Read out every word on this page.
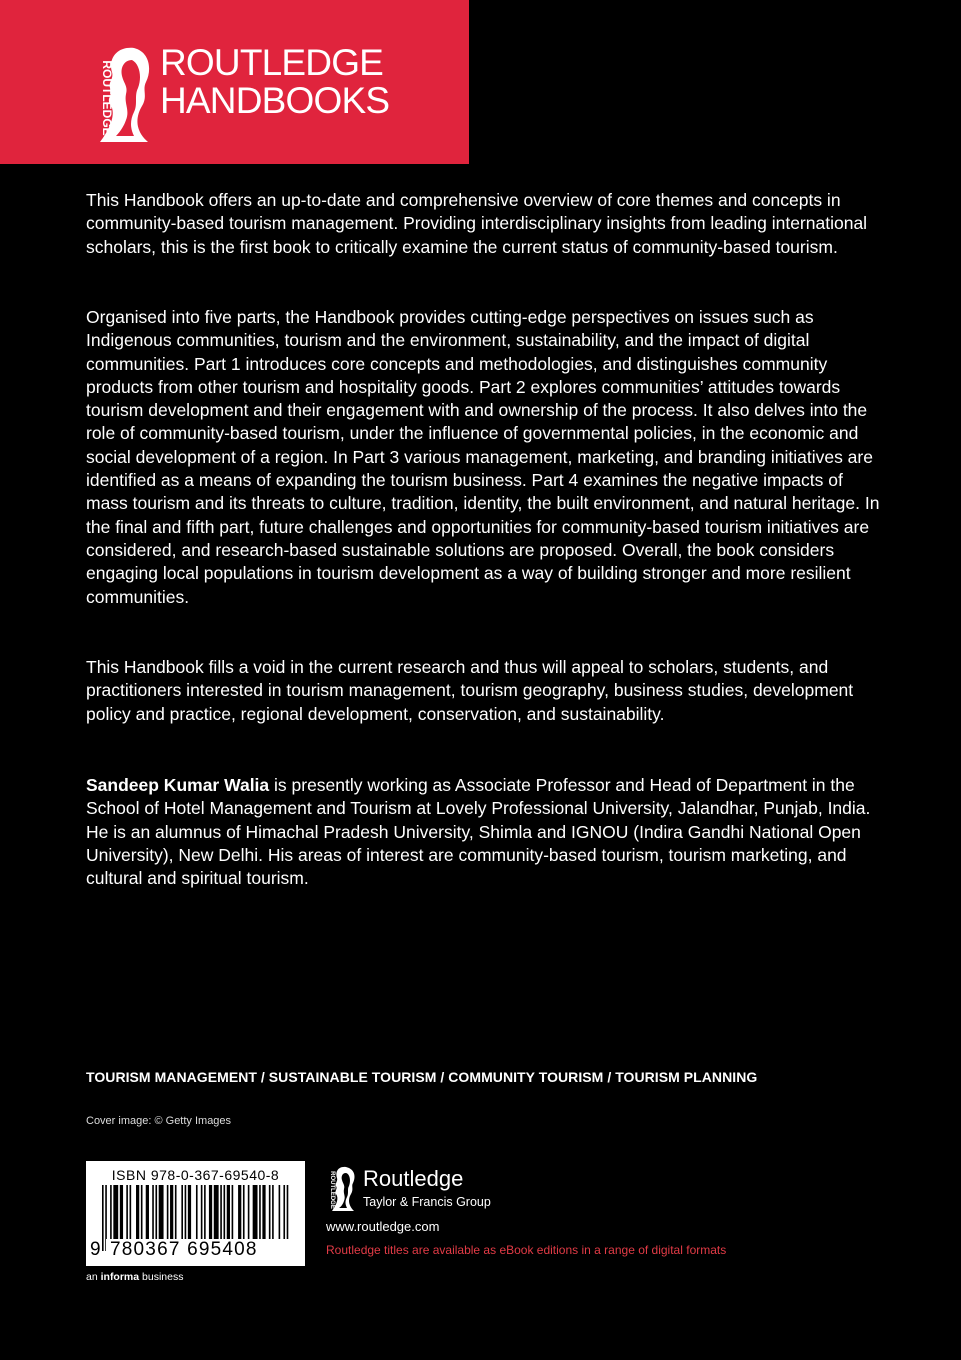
ROUTLEDGE ROUTLEDGE
HANDBOOKS

This Handbook offers an up-to-date and comprehensive overview of core themes and concepts in community-based tourism management. Providing interdisciplinary insights from leading international scholars, this is the first book to critically examine the current status of community-based tourism.

Organised into five parts, the Handbook provides cutting-edge perspectives on issues such as Indigenous communities, tourism and the environment, sustainability, and the impact of digital communities. Part 1 introduces core concepts and methodologies, and distinguishes community products from other tourism and hospitality goods. Part 2 explores communities’ attitudes towards tourism development and their engagement with and ownership of the process. It also delves into the role of community-based tourism, under the influence of governmental policies, in the economic and social development of a region. In Part 3 various management, marketing, and branding initiatives are identified as a means of expanding the tourism business. Part 4 examines the negative impacts of mass tourism and its threats to culture, tradition, identity, the built environment, and natural heritage. In the final and fifth part, future challenges and opportunities for community-based tourism initiatives are considered, and research-based sustainable solutions are proposed. Overall, the book considers engaging local populations in tourism development as a way of building stronger and more resilient communities.

This Handbook fills a void in the current research and thus will appeal to scholars, students, and practitioners interested in tourism management, tourism geography, business studies, development policy and practice, regional development, conservation, and sustainability.

Sandeep Kumar Walia is presently working as Associate Professor and Head of Department in the School of Hotel Management and Tourism at Lovely Professional University, Jalandhar, Punjab, India. He is an alumnus of Himachal Pradesh University, Shimla and IGNOU (Indira Gandhi National Open University), New Delhi. His areas of interest are community-based tourism, tourism marketing, and cultural and spiritual tourism.

TOURISM MANAGEMENT / SUSTAINABLE TOURISM / COMMUNITY TOURISM / TOURISM PLANNING
Cover image: © Getty Images
ISBN 978-0-367-69540-8
9 780367 695408
an informa business
ROUTLEDGE Routledge
Taylor & Francis Group
www.routledge.com
Routledge titles are available as eBook editions in a range of digital formats
